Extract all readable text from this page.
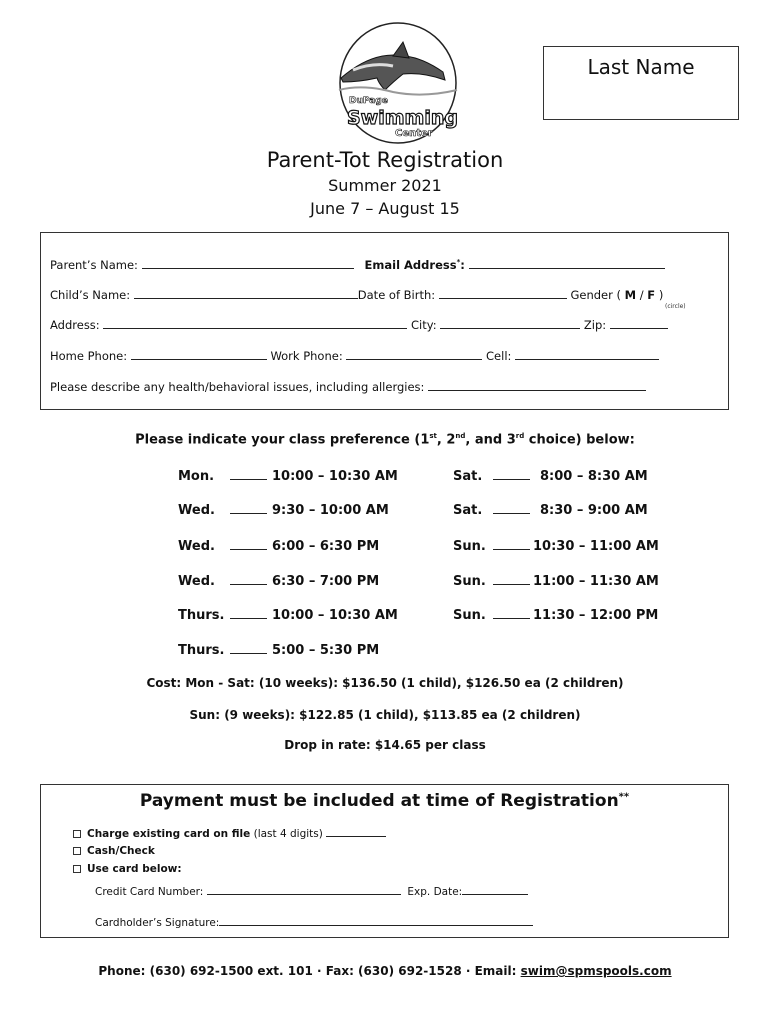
DuPage
Swimming
Center
Last Name
Parent-Tot Registration
Summer 2021
June 7 – August 15
Parent’s Name:	Email Address*:
Child’s Name:	Date of Birth:	Gender ( M / F )
(circle)
Address:	City:	Zip:
Home Phone:	Work Phone:	Cell:
Please describe any health/behavioral issues, including allergies:
Please indicate your class preference (1st, 2nd, and 3rd choice) below:
Mon.	10:00 – 10:30 AM
Wed.	9:30 – 10:00 AM
Wed.	6:00 – 6:30 PM
Wed.	6:30 – 7:00 PM
Thurs.	10:00 – 10:30 AM
Thurs.	5:00 – 5:30 PM
Sat.	8:00 – 8:30 AM
Sat.	8:30 – 9:00 AM
Sun.	10:30 – 11:00 AM
Sun.	11:00 – 11:30 AM
Sun.	11:30 – 12:00 PM
Cost: Mon - Sat: (10 weeks): $136.50 (1 child), $126.50 ea (2 children)
Sun: (9 weeks): $122.85 (1 child), $113.85 ea (2 children)
Drop in rate: $14.65 per class
Payment must be included at time of Registration**
Charge existing card on file (last 4 digits)
Cash/Check
Use card below:
Credit Card Number:	Exp. Date:
Cardholder’s Signature:
Phone: (630) 692-1500 ext. 101 · Fax: (630) 692-1528 · Email: swim@spmspools.com
